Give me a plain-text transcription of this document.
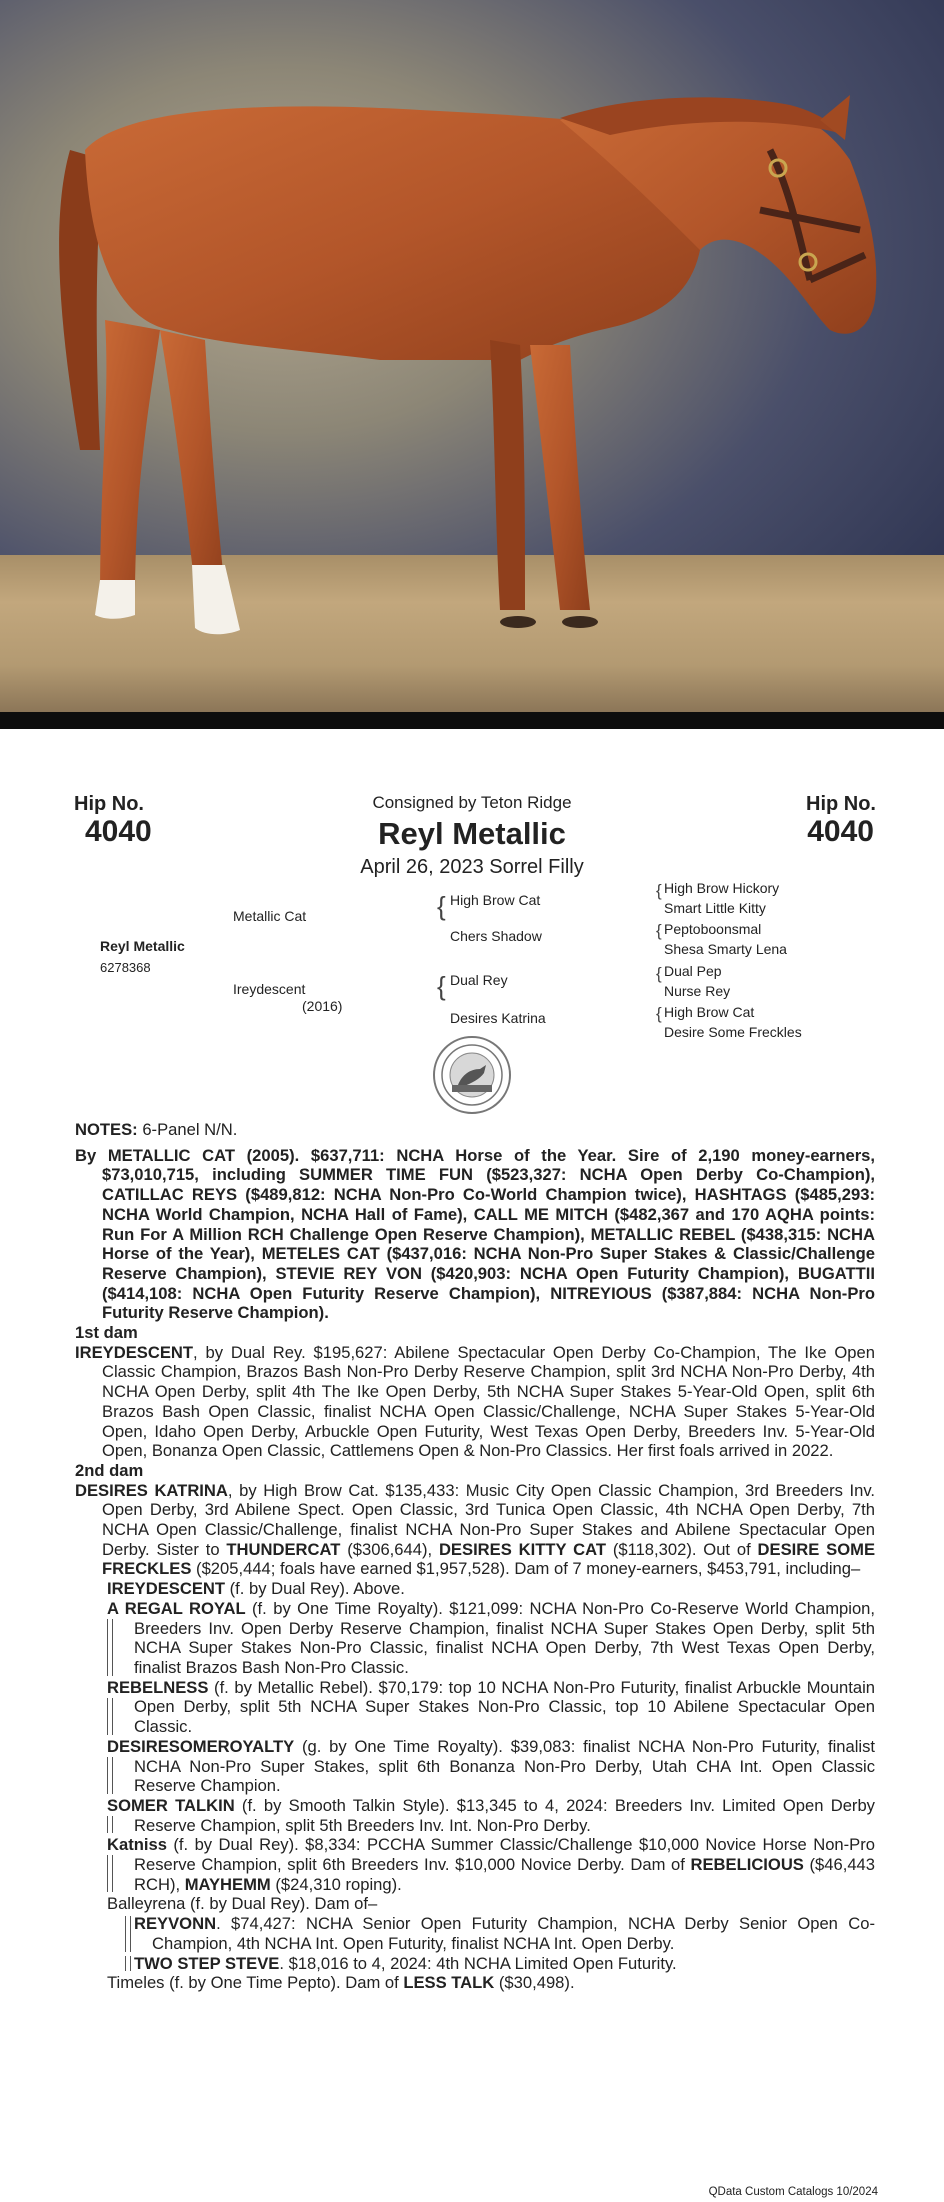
Hip No.
4040
Hip No.
4040
Consigned by Teton Ridge
Reyl Metallic
April 26, 2023 Sorrel Filly
Reyl Metallic
6278368
Metallic Cat
Ireydescent
(2016)
{ High Brow Cat
Chers Shadow
{ Dual Rey
Desires Katrina
{ High Brow Hickory
Smart Little Kitty
{ Peptoboonsmal
Shesa Smarty Lena
{ Dual Pep
Nurse Rey
{ High Brow Cat
Desire Some Freckles

NOTES: 6-Panel N/N.

By METALLIC CAT (2005). $637,711: NCHA Horse of the Year. Sire of 2,190 money-earners, $73,010,715, including SUMMER TIME FUN ($523,327: NCHA Open Derby Co-Champion), CATILLAC REYS ($489,812: NCHA Non-Pro Co-World Champion twice), HASHTAGS ($485,293: NCHA World Champion, NCHA Hall of Fame), CALL ME MITCH ($482,367 and 170 AQHA points: Run For A Million RCH Challenge Open Reserve Champion), METALLIC REBEL ($438,315: NCHA Horse of the Year), METELES CAT ($437,016: NCHA Non-Pro Super Stakes & Classic/Challenge Reserve Champion), STEVIE REY VON ($420,903: NCHA Open Futurity Champion), BUGATTII ($414,108: NCHA Open Futurity Reserve Champion), NITREYIOUS ($387,884: NCHA Non-Pro Futurity Reserve Champion).

1st dam

IREYDESCENT, by Dual Rey. $195,627: Abilene Spectacular Open Derby Co-Champion, The Ike Open Classic Champion, Brazos Bash Non-Pro Derby Reserve Champion, split 3rd NCHA Non-Pro Derby, 4th NCHA Open Derby, split 4th The Ike Open Derby, 5th NCHA Super Stakes 5-Year-Old Open, split 6th Brazos Bash Open Classic, finalist NCHA Open Classic/Challenge, NCHA Super Stakes 5-Year-Old Open, Idaho Open Derby, Arbuckle Open Futurity, West Texas Open Derby, Breeders Inv. 5-Year-Old Open, Bonanza Open Classic, Cattlemens Open & Non-Pro Classics. Her first foals arrived in 2022.

2nd dam

DESIRES KATRINA, by High Brow Cat. $135,433: Music City Open Classic Champion, 3rd Breeders Inv. Open Derby, 3rd Abilene Spect. Open Classic, 3rd Tunica Open Classic, 4th NCHA Open Derby, 7th NCHA Open Classic/Challenge, finalist NCHA Non-Pro Super Stakes and Abilene Spectacular Open Derby. Sister to THUNDERCAT ($306,644), DESIRES KITTY CAT ($118,302). Out of DESIRE SOME FRECKLES ($205,444; foals have earned $1,957,528). Dam of 7 money-earners, $453,791, including–

IREYDESCENT (f. by Dual Rey). Above.

A REGAL ROYAL (f. by One Time Royalty). $121,099: NCHA Non-Pro Co-Reserve World Champion, Breeders Inv. Open Derby Reserve Champion, finalist NCHA Super Stakes Open Derby, split 5th NCHA Super Stakes Non-Pro Classic, finalist NCHA Open Derby, 7th West Texas Open Derby, finalist Brazos Bash Non-Pro Classic.

REBELNESS (f. by Metallic Rebel). $70,179: top 10 NCHA Non-Pro Futurity, finalist Arbuckle Mountain Open Derby, split 5th NCHA Super Stakes Non-Pro Classic, top 10 Abilene Spectacular Open Classic.

DESIRESOMEROYALTY (g. by One Time Royalty). $39,083: finalist NCHA Non-Pro Futurity, finalist NCHA Non-Pro Super Stakes, split 6th Bonanza Non-Pro Derby, Utah CHA Int. Open Classic Reserve Champion.

SOMER TALKIN (f. by Smooth Talkin Style). $13,345 to 4, 2024: Breeders Inv. Limited Open Derby Reserve Champion, split 5th Breeders Inv. Int. Non-Pro Derby.

Katniss (f. by Dual Rey). $8,334: PCCHA Summer Classic/Challenge $10,000 Novice Horse Non-Pro Reserve Champion, split 6th Breeders Inv. $10,000 Novice Derby. Dam of REBELICIOUS ($46,443 RCH), MAYHEMM ($24,310 roping).

Balleyrena (f. by Dual Rey). Dam of–

REYVONN. $74,427: NCHA Senior Open Futurity Champion, NCHA Derby Senior Open Co-Champion, 4th NCHA Int. Open Futurity, finalist NCHA Int. Open Derby.

TWO STEP STEVE. $18,016 to 4, 2024: 4th NCHA Limited Open Futurity.

Timeles (f. by One Time Pepto). Dam of LESS TALK ($30,498).

QData Custom Catalogs 10/2024
